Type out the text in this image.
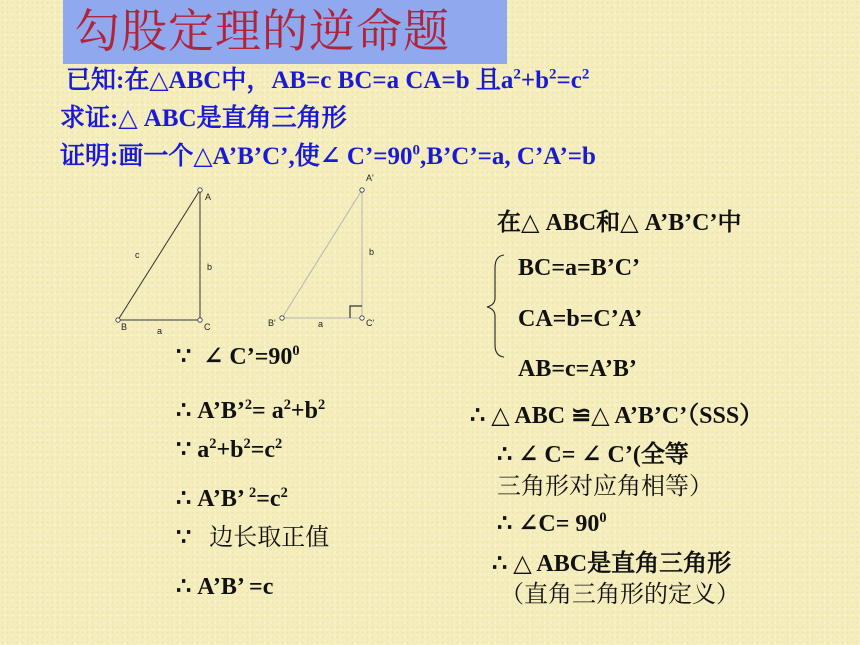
勾股定理的逆命题
已知:在△ABC中，AB=c BC=a CA=b 且$a^2+b^2=c^2$
求证:△ ABC是直角三角形
证明:画一个△A’B’C’,使∠ $C’=90^0,B’C’=a$, C’A’=b
A
B	C
a
b
c
A'
B'	C'
a
b
∵ ∠ $C’=90^0$
∴ A’B’$^2$= $a^2+b^2$
∵ $a^2+b^2=c^2$
∴ A’B’ $^2=c^2$
∵ 边长取正值
∴ A’B’ =c
在△ ABC和△ A’B’C’中
BC=a=B’C’
CA=b=C’A’
AB=c=A’B’
∴ △ ABC ≌△ A’B’C’（SSS）
∴ ∠ C= ∠ C’(全等
三角形对应角相等）
∴ ∠C= $90^0$
∴ △ ABC是直角三角形
（直角三角形的定义）
